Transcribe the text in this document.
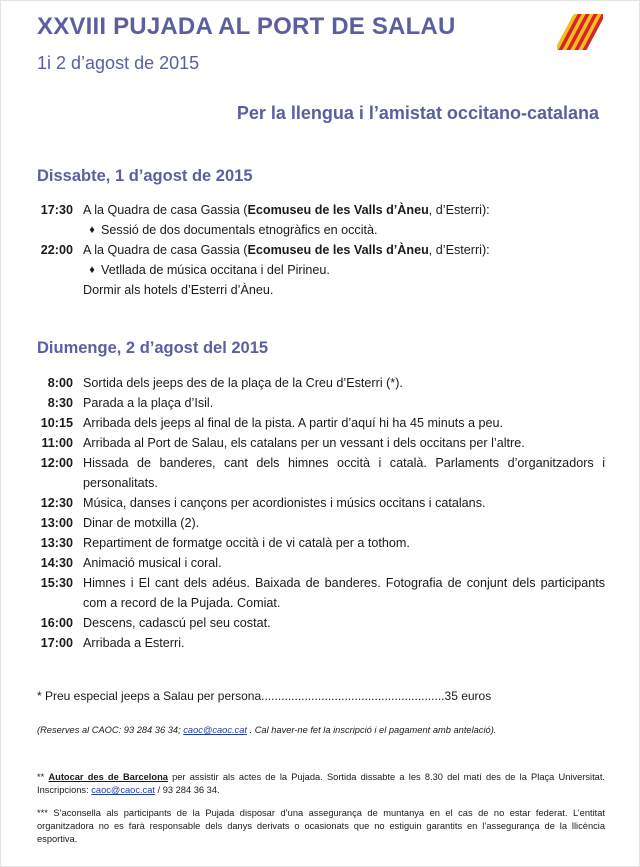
XXVIII PUJADA AL PORT DE SALAU
1i 2 d’agost de 2015
Per la llengua i l’amistat occitano-catalana
Dissabte, 1 d’agost de 2015
17:30 A la Quadra de casa Gassia (Ecomuseu de les Valls d’Àneu, d’Esterri):
♦ Sessió de dos documentals etnogràfics en occità.
22:00 A la Quadra de casa Gassia (Ecomuseu de les Valls d’Àneu, d’Esterri):
♦ Vetllada de música occitana i del Pirineu.
Dormir als hotels d’Esterri d’Àneu.
Diumenge, 2 d’agost del 2015
8:00 Sortida dels jeeps des de la plaça de la Creu d’Esterri (*).
8:30 Parada a la plaça d’Isil.
10:15 Arribada dels jeeps al final de la pista. A partir d’aquí hi ha 45 minuts a peu.
11:00 Arribada al Port de Salau, els catalans per un vessant i dels occitans per l’altre.
12:00 Hissada de banderes, cant dels himnes occità i català. Parlaments d’organitzadors i personalitats.
12:30 Música, danses i cançons per acordionistes i músics occitans i catalans.
13:00 Dinar de motxilla (2).
13:30 Repartiment de formatge occità i de vi català per a tothom.
14:30 Animació musical i coral.
15:30 Himnes i El cant dels adéus. Baixada de banderes. Fotografia de conjunt dels participants com a record de la Pujada. Comiat.
16:00 Descens, cadascú pel seu costat.
17:00 Arribada a Esterri.
* Preu especial jeeps a Salau per persona.......................................................35 euros
(Reserves al CAOC: 93 284 36 34; caoc@caoc.cat . Cal haver-ne fet la inscripció i el pagament amb antelació).
** Autocar des de Barcelona per assistir als actes de la Pujada. Sortida dissabte a les 8.30 del matí des de la Plaça Universitat. Inscripcions: caoc@caoc.cat / 93 284 36 34.
*** S’aconsella als participants de la Pujada disposar d’una assegurança de muntanya en el cas de no estar federat. L’entitat organitzadora no es farà responsable dels danys derivats o ocasionats que no estiguin garantits en l’assegurança de la llicència esportiva.
